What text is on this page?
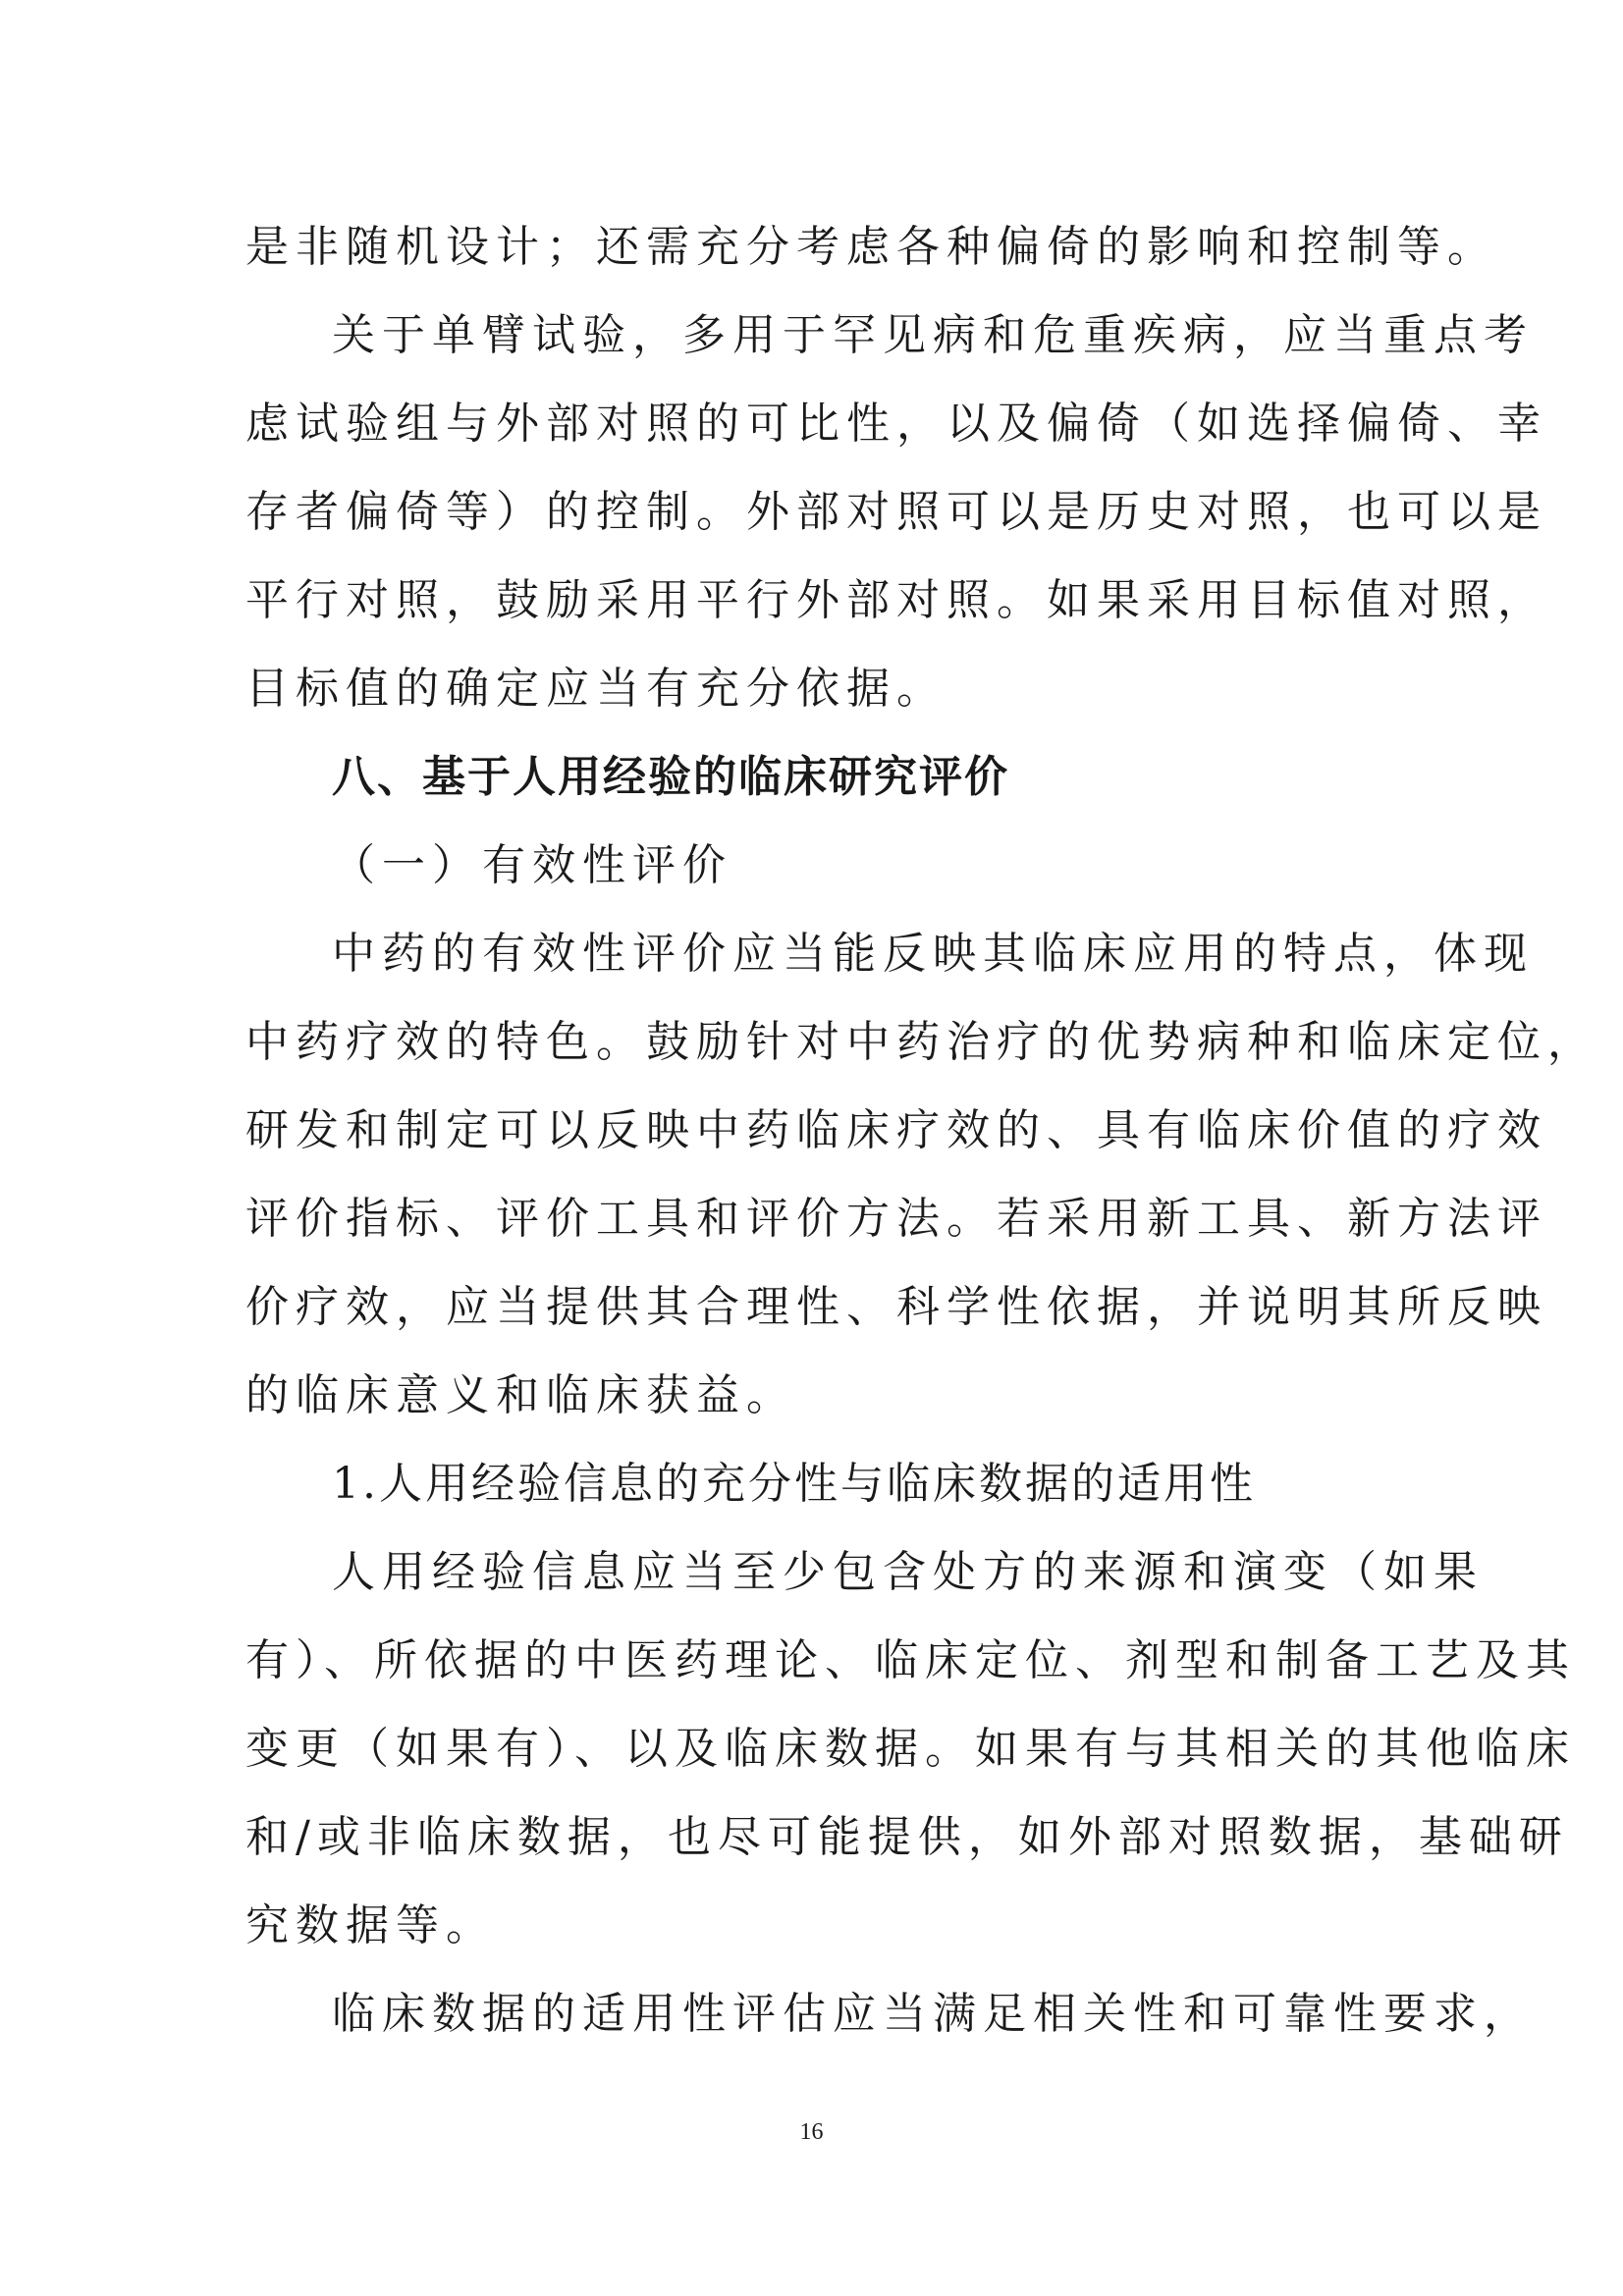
是非随机设计；还需充分考虑各种偏倚的影响和控制等。

关于单臂试验，多用于罕见病和危重疾病，应当重点考

虑试验组与外部对照的可比性，以及偏倚（如选择偏倚、幸

存者偏倚等）的控制。外部对照可以是历史对照，也可以是

平行对照，鼓励采用平行外部对照。如果采用目标值对照，

目标值的确定应当有充分依据。

八、基于人用经验的临床研究评价

（一）有效性评价

中药的有效性评价应当能反映其临床应用的特点，体现

中药疗效的特色。鼓励针对中药治疗的优势病种和临床定位，

研发和制定可以反映中药临床疗效的、具有临床价值的疗效

评价指标、评价工具和评价方法。若采用新工具、新方法评

价疗效，应当提供其合理性、科学性依据，并说明其所反映

的临床意义和临床获益。

1.人用经验信息的充分性与临床数据的适用性

人用经验信息应当至少包含处方的来源和演变（如果

有）、所依据的中医药理论、临床定位、剂型和制备工艺及其

变更（如果有）、以及临床数据。如果有与其相关的其他临床

和/或非临床数据，也尽可能提供，如外部对照数据，基础研

究数据等。

临床数据的适用性评估应当满足相关性和可靠性要求，

16
